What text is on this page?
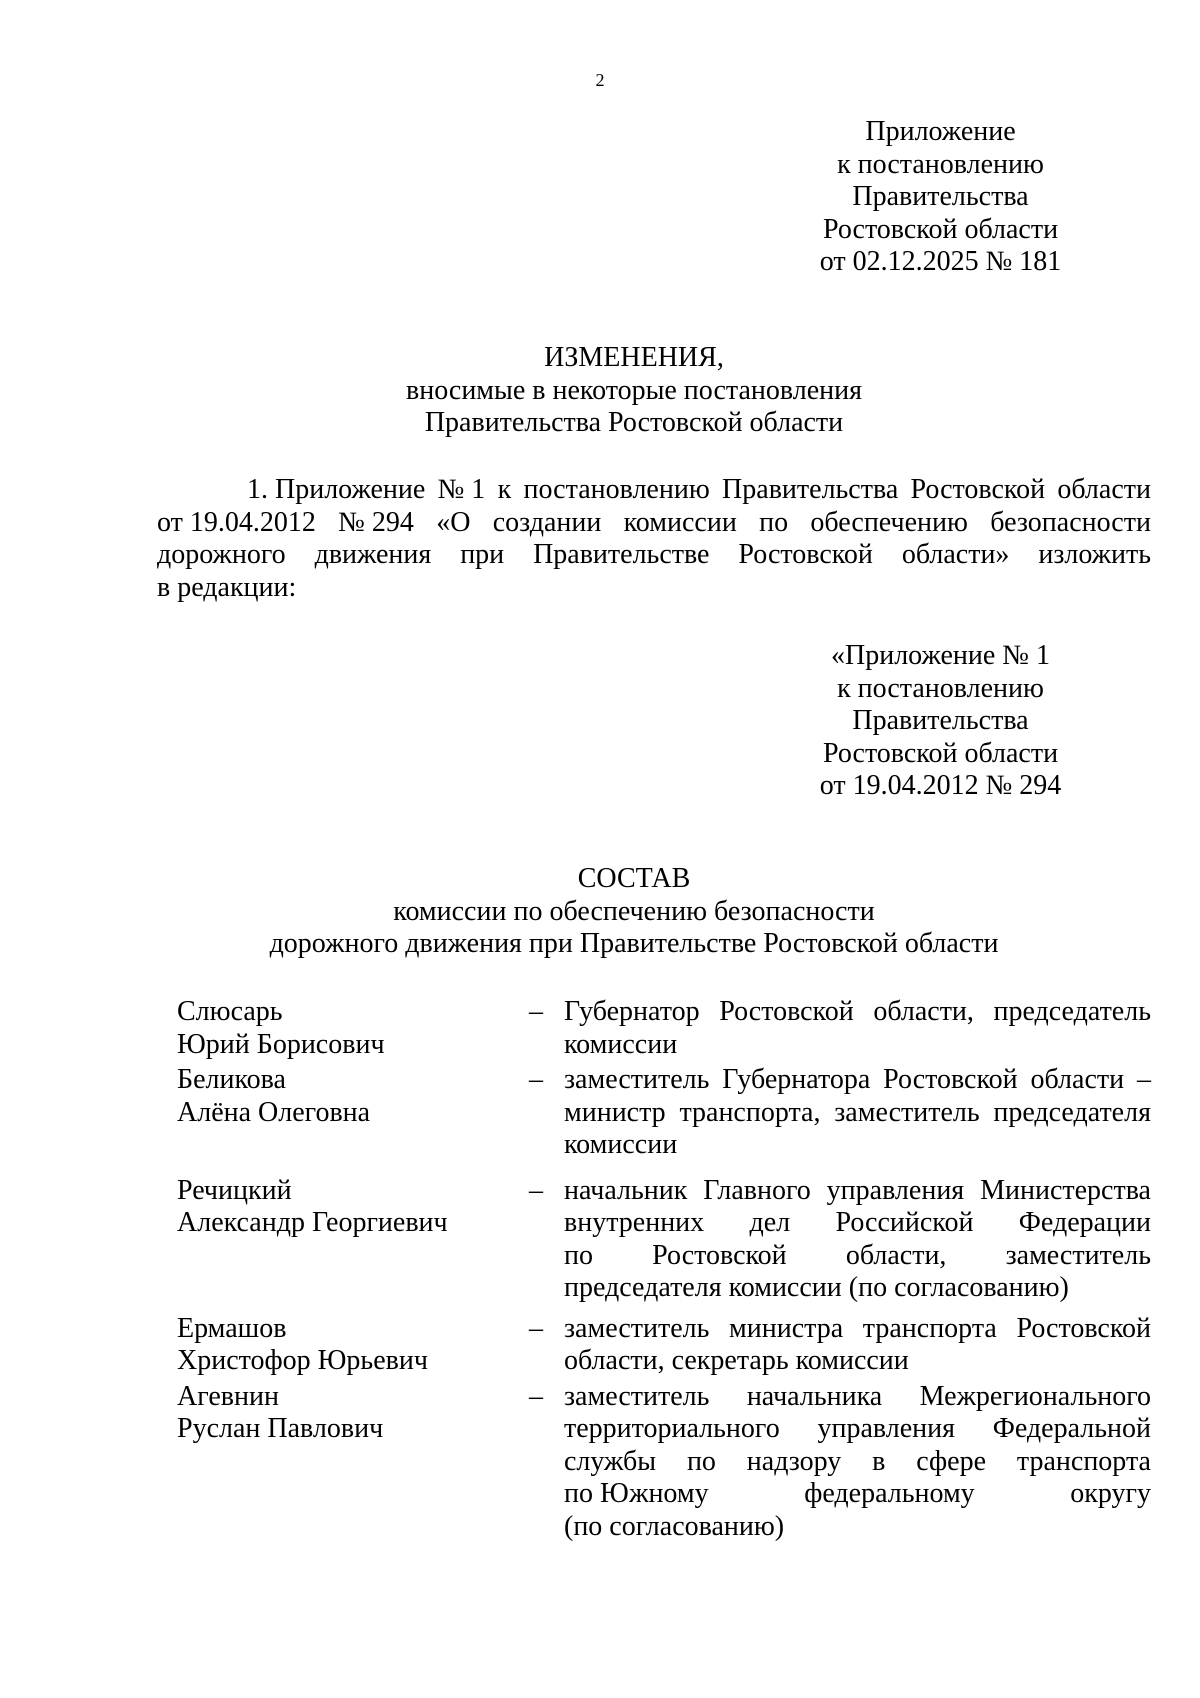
2
Приложение
к постановлению
Правительства
Ростовской области
от 02.12.2025 № 181
ИЗМЕНЕНИЯ,
вносимые в некоторые постановления
Правительства Ростовской области
1. Приложение № 1 к постановлению Правительства Ростовской области
от 19.04.2012 № 294 «О создании комиссии по обеспечению безопасности
дорожного движения при Правительстве Ростовской области» изложить
в редакции:
«Приложение № 1
к постановлению
Правительства
Ростовской области
от 19.04.2012 № 294
СОСТАВ
комиссии по обеспечению безопасности
дорожного движения при Правительстве Ростовской области
Слюсарь
Юрий Борисович
– Губернатор Ростовской области, председатель
комиссии
Беликова
Алёна Олеговна
– заместитель Губернатора Ростовской области –
министр транспорта, заместитель председателя
комиссии
Речицкий
Александр Георгиевич
– начальник Главного управления Министерства
внутренних дел Российской Федерации
по Ростовской области, заместитель
председателя комиссии (по согласованию)
Ермашов
Христофор Юрьевич
– заместитель министра транспорта Ростовской
области, секретарь комиссии
Агевнин
Руслан Павлович
– заместитель начальника Межрегионального
территориального управления Федеральной
службы по надзору в сфере транспорта
по Южному	федеральному	округу
(по согласованию)
